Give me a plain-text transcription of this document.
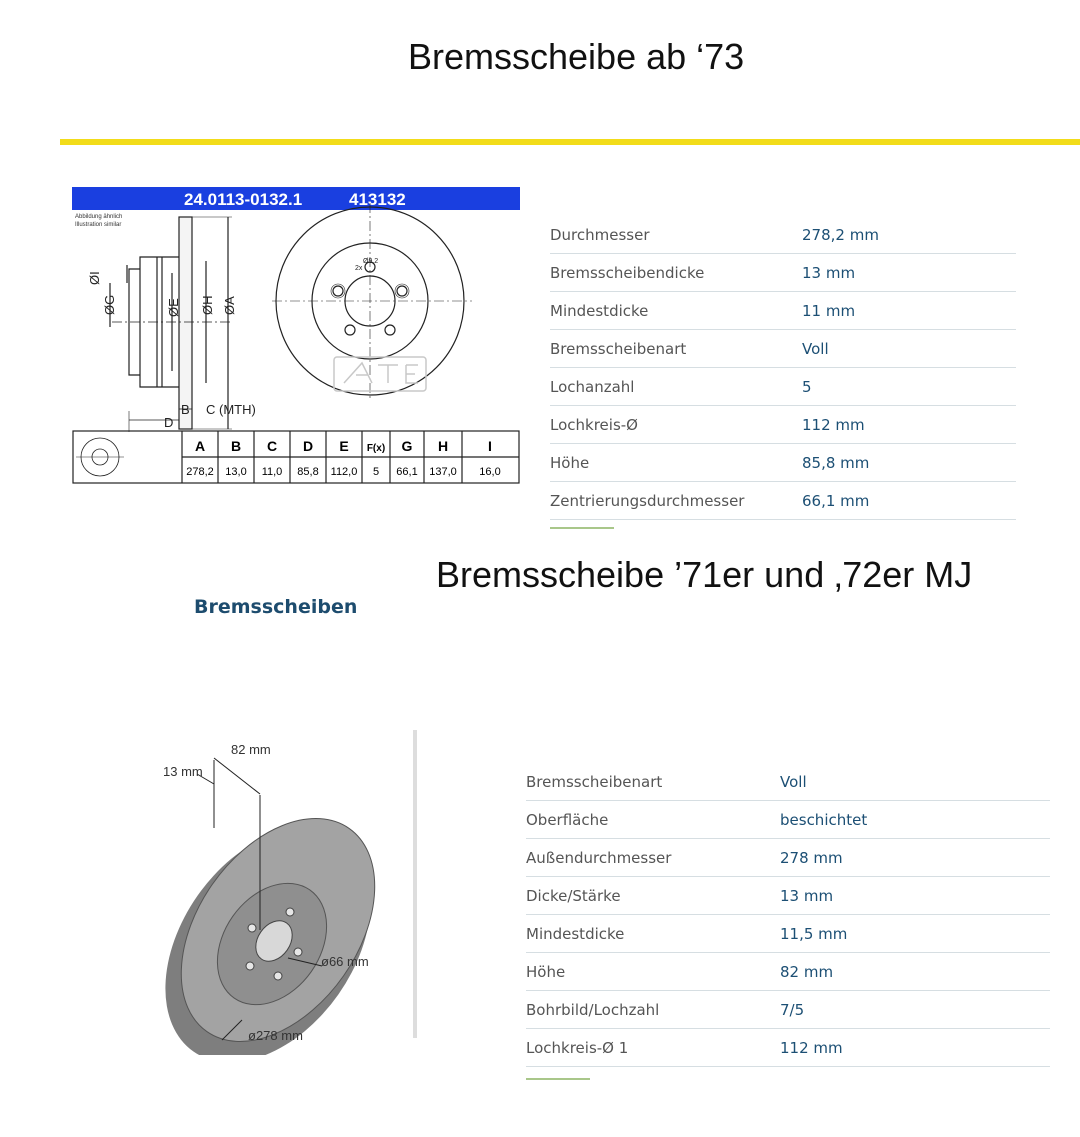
Bremsscheibe ab ‘73
24.0113-0132.1	413132
Abbildung ähnlich
Illustration similar
ØI
ØG	ØE ØH ØA
B C (MTH)
D
Ø9,2
2x
A B C D E F(x) G H	I
278,2 13,0 11,0 85,8 112,0 5 66,1 137,0 16,0
Durchmesser	278,2 mm
Bremsscheibendicke	13 mm
Mindestdicke	11 mm
Bremsscheibenart	Voll
Lochanzahl	5
Lochkreis-Ø	112 mm
Höhe	85,8 mm
Zentrierungsdurchmesser	66,1 mm
Bremsscheibe ’71er und ‚72er MJ
Bremsscheiben
82 mm
13 mm
ø66 mm
ø278 mm
Bremsscheibenart	Voll
Oberfläche	beschichtet
Außendurchmesser	278 mm
Dicke/Stärke	13 mm
Mindestdicke	11,5 mm
Höhe	82 mm
Bohrbild/Lochzahl	7/5
Lochkreis-Ø 1	112 mm
